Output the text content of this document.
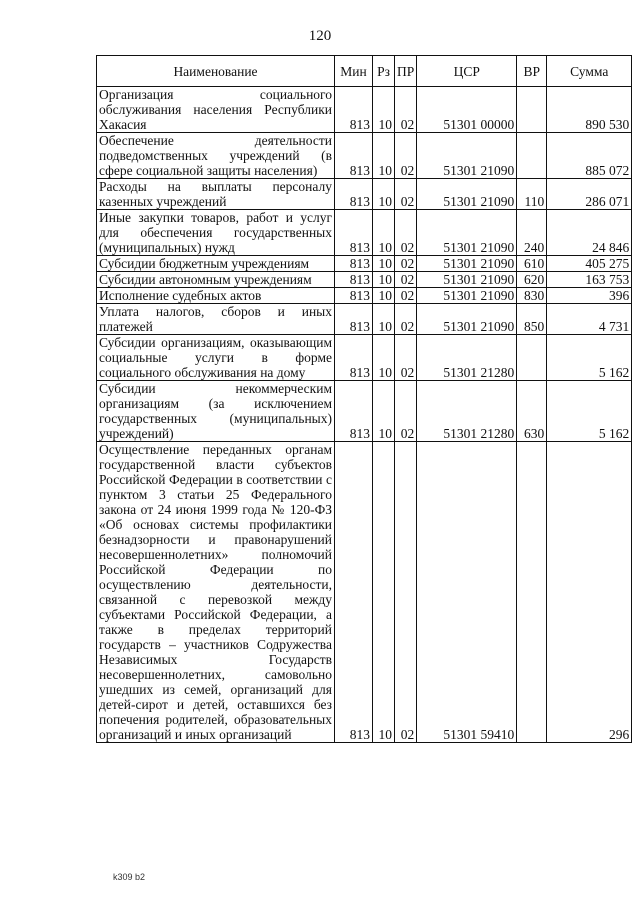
120
Наименование	Мин	Рз	ПР	ЦСР	ВР	Сумма
Организация социального обслуживания населения Республики Хакасия	813	10	02	51301 00000		890 530
Обеспечение деятельности подведомственных учреждений (в сфере социальной защиты населения)	813	10	02	51301 21090		885 072
Расходы на выплаты персоналу казенных учреждений	813	10	02	51301 21090	110	286 071
Иные закупки товаров, работ и услуг для обеспечения государственных (муниципальных) нужд	813	10	02	51301 21090	240	24 846
Субсидии бюджетным учреждениям	813	10	02	51301 21090	610	405 275
Субсидии автономным учреждениям	813	10	02	51301 21090	620	163 753
Исполнение судебных актов	813	10	02	51301 21090	830	396
Уплата налогов, сборов и иных платежей	813	10	02	51301 21090	850	4 731
Субсидии организациям, оказывающим социальные услуги в форме социального обслуживания на дому	813	10	02	51301 21280		5 162
Субсидии некоммерческим организациям (за исключением государственных (муниципальных) учреждений)	813	10	02	51301 21280	630	5 162
Осуществление переданных органам государственной власти субъектов Российской Федерации в соответствии с пунктом 3 статьи 25 Федерального закона от 24 июня 1999 года № 120-ФЗ «Об основах системы профилактики безнадзорности и правонарушений несовершеннолетних» полномочий Российской Федерации по осуществлению деятельности, связанной с перевозкой между субъектами Российской Федерации, а также в пределах территорий государств – участников Содружества Независимых Государств несовершеннолетних, самовольно ушедших из семей, организаций для детей-сирот и детей, оставшихся без попечения родителей, образовательных организаций и иных организаций	813	10	02	51301 59410		296
k309 b2
